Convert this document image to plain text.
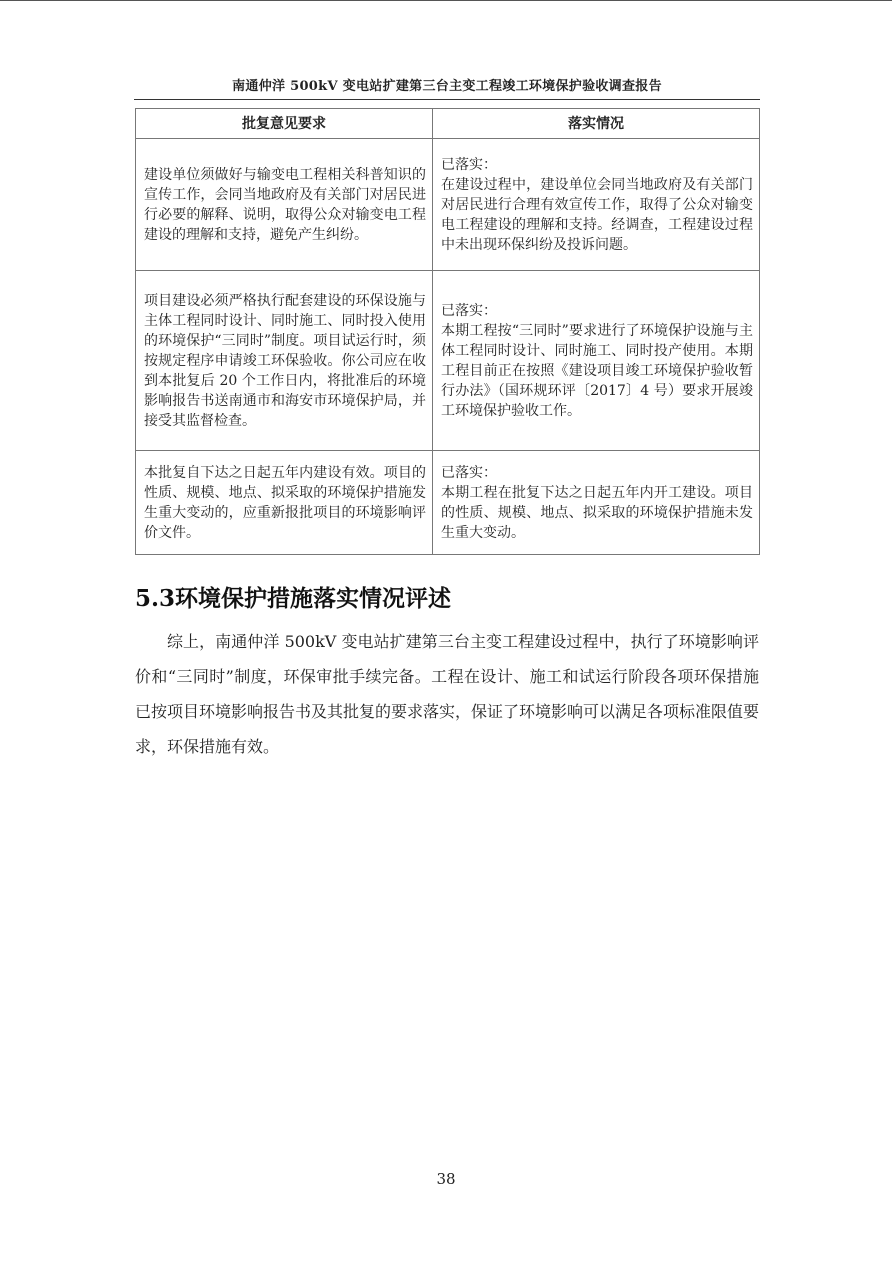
南通仲洋 500kV 变电站扩建第三台主变工程竣工环境保护验收调查报告
批复意见要求	落实情况
建设单位须做好与输变电工程相关科普知识的宣传工作，会同当地政府及有关部门对居民进行必要的解释、说明，取得公众对输变电工程建设的理解和支持，避免产生纠纷。	已落实：
在建设过程中，建设单位会同当地政府及有关部门对居民进行合理有效宣传工作，取得了公众对输变电工程建设的理解和支持。经调查，工程建设过程中未出现环保纠纷及投诉问题。
项目建设必须严格执行配套建设的环保设施与主体工程同时设计、同时施工、同时投入使用的环境保护“三同时”制度。项目试运行时，须按规定程序申请竣工环保验收。你公司应在收到本批复后 20 个工作日内，将批准后的环境影响报告书送南通市和海安市环境保护局，并接受其监督检查。	已落实：
本期工程按“三同时”要求进行了环境保护设施与主体工程同时设计、同时施工、同时投产使用。本期工程目前正在按照《建设项目竣工环境保护验收暂行办法》（国环规环评〔2017〕4 号）要求开展竣工环境保护验收工作。
本批复自下达之日起五年内建设有效。项目的性质、规模、地点、拟采取的环境保护措施发生重大变动的，应重新报批项目的环境影响评价文件。	已落实：
本期工程在批复下达之日起五年内开工建设。项目的性质、规模、地点、拟采取的环境保护措施未发生重大变动。
5.3环境保护措施落实情况评述
综上，南通仲洋 500kV 变电站扩建第三台主变工程建设过程中，执行了环境影响评价和“三同时”制度，环保审批手续完备。工程在设计、施工和试运行阶段各项环保措施已按项目环境影响报告书及其批复的要求落实，保证了环境影响可以满足各项标准限值要求，环保措施有效。
38
